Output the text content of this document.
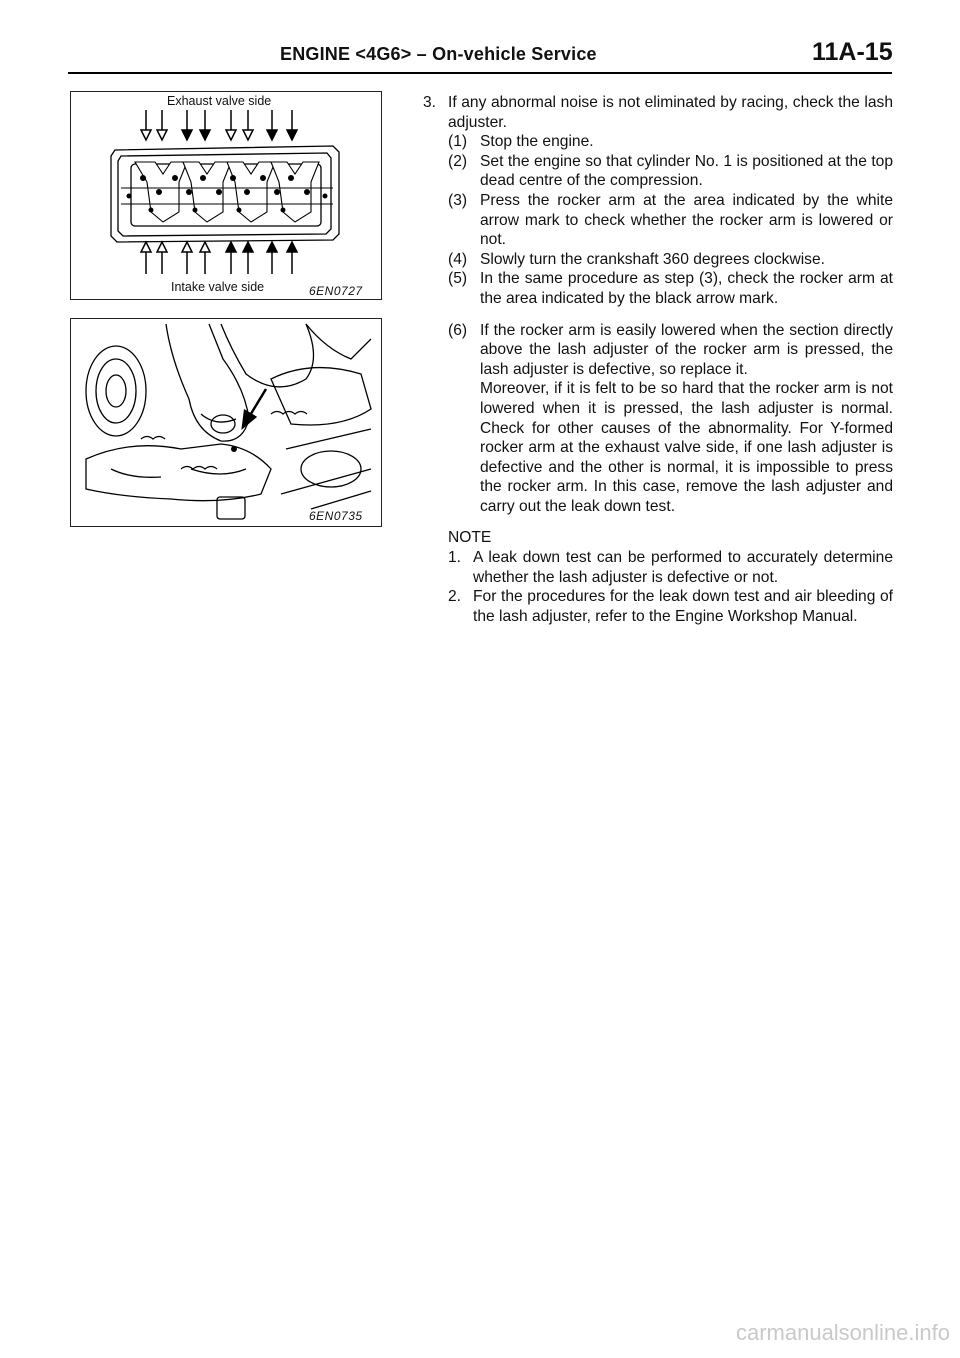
ENGINE <4G6> – On-vehicle Service	11A-15
Exhaust valve side
Intake valve side	6EN0727
6EN0735
3. If any abnormal noise is not eliminated by racing, check the lash adjuster.
(1) Stop the engine.
(2) Set the engine so that cylinder No. 1 is positioned at the top dead centre of the compression.
(3) Press the rocker arm at the area indicated by the white arrow mark to check whether the rocker arm is lowered or not.
(4) Slowly turn the crankshaft 360 degrees clockwise.
(5) In the same procedure as step (3), check the rocker arm at the area indicated by the black arrow mark.
(6) If the rocker arm is easily lowered when the section directly above the lash adjuster of the rocker arm is pressed, the lash adjuster is defective, so replace it.
Moreover, if it is felt to be so hard that the rocker arm is not lowered when it is pressed, the lash adjuster is normal. Check for other causes of the abnormality. For Y-formed rocker arm at the exhaust valve side, if one lash adjuster is defective and the other is normal, it is impossible to press the rocker arm. In this case, remove the lash adjuster and carry out the leak down test.
NOTE
1. A leak down test can be performed to accurately determine whether the lash adjuster is defective or not.
2. For the procedures for the leak down test and air bleeding of the lash adjuster, refer to the Engine Workshop Manual.
carmanualsonline.info
